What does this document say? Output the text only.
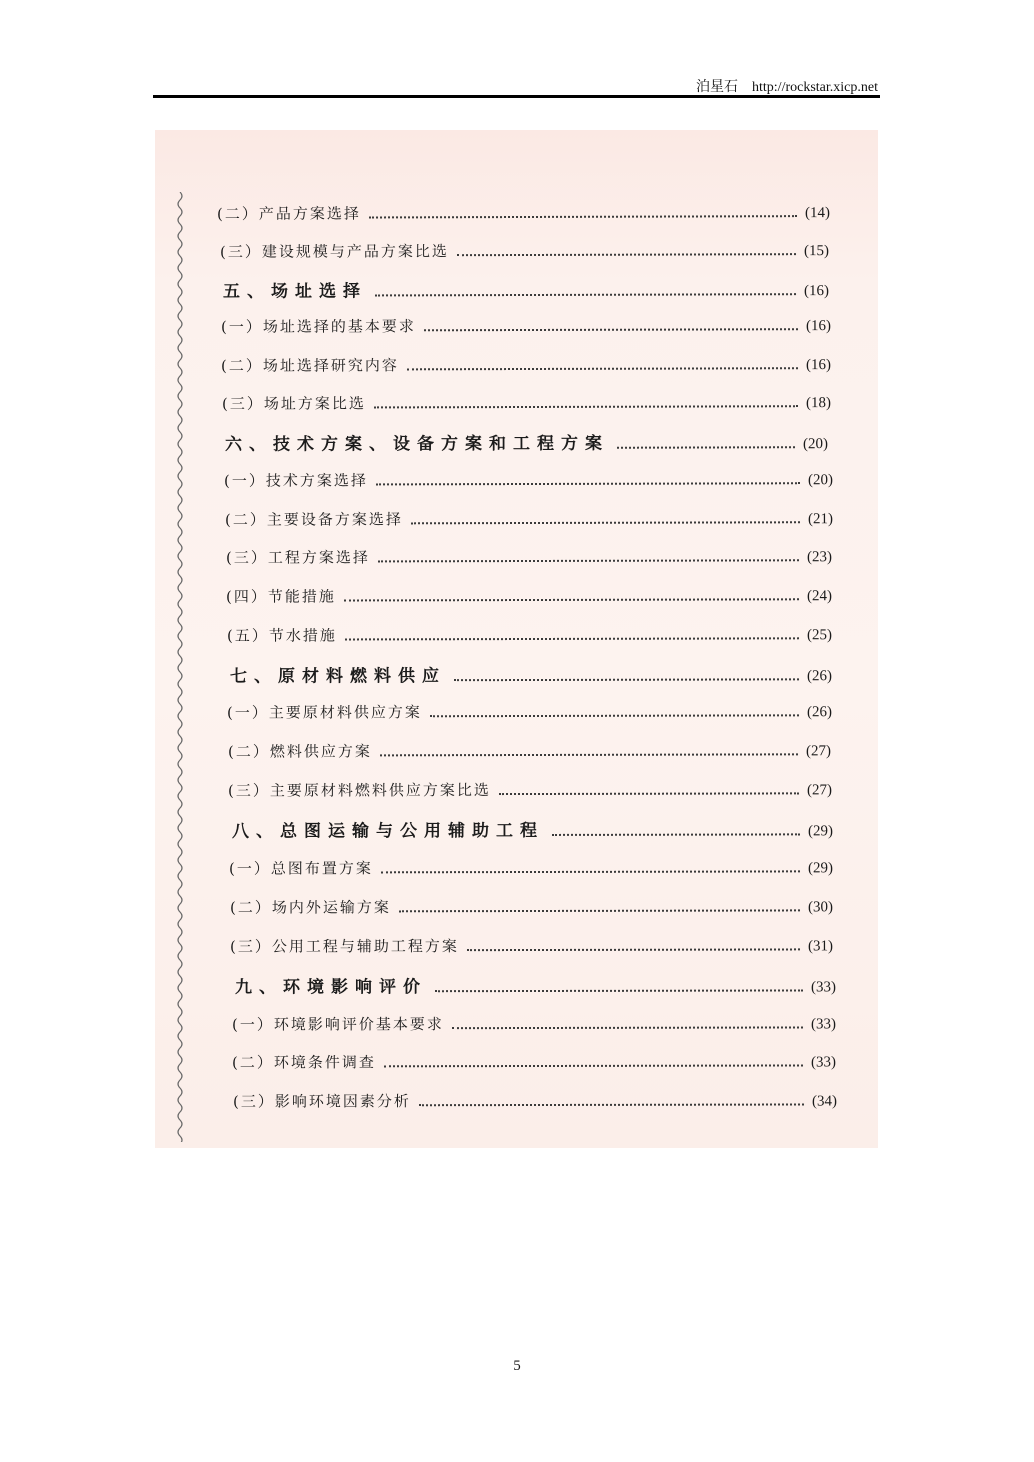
泊星石 http://rockstar.xicp.net
(二）产品方案选择	(14)
(三）建设规模与产品方案比选	(15)
五、场址选择	(16)
(一）场址选择的基本要求	(16)
(二）场址选择研究内容	(16)
(三）场址方案比选	(18)
六、技术方案、设备方案和工程方案	(20)
(一）技术方案选择	(20)
(二）主要设备方案选择	(21)
(三）工程方案选择	(23)
(四）节能措施	(24)
(五）节水措施	(25)
七、原材料燃料供应	(26)
(一）主要原材料供应方案	(26)
(二）燃料供应方案	(27)
(三）主要原材料燃料供应方案比选	(27)
八、总图运输与公用辅助工程	(29)
(一）总图布置方案	(29)
(二）场内外运输方案	(30)
(三）公用工程与辅助工程方案	(31)
九、环境影响评价	(33)
(一）环境影响评价基本要求	(33)
(二）环境条件调查	(33)
(三）影响环境因素分析	(34)
5
